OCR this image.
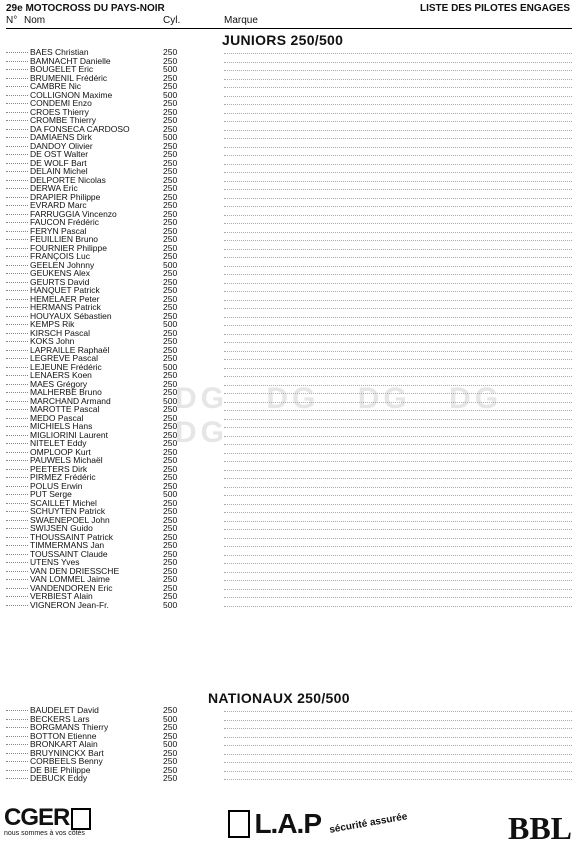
29e MOTOCROSS DU PAYS-NOIR	LISTE DES PILOTES ENGAGES
N° Nom	Cyl.	Marque
DG DG DG DG DG
JUNIORS 250/500
BAES Christian	250
BAMNACHT Danielle	250
BOUGELET Eric	500
BRUMENIL Frédéric	250
CAMBRE Nic	250
COLLIGNON Maxime	500
CONDEMI Enzo	250
CROES Thierry	250
CROMBE Thierry	250
DA FONSECA CARDOSO	250
DAMIAENS Dirk	500
DANDOY Olivier	250
DE OST Walter	250
DE WOLF Bart	250
DELAIN Michel	250
DELPORTE Nicolas	250
DERWA Eric	250
DRAPIER Philippe	250
EVRARD Marc	250
FARRUGGIA Vincenzo	250
FAUCON Frédéric	250
FERYN Pascal	250
FEUILLIEN Bruno	250
FOURNIER Philippe	250
FRANÇOIS Luc	250
GEELEN Johnny	500
GEUKENS Alex	250
GEURTS David	250
HANQUET Patrick	250
HEMELAER Peter	250
HERMANS Patrick	250
HOUYAUX Sébastien	250
KEMPS Rik	500
KIRSCH Pascal	250
KOKS John	250
LAPRAILLE Raphaël	250
LEGREVE Pascal	250
LEJEUNE Frédéric	500
LENAERS Koen	250
MAES Grégory	250
MALHERBE Bruno	250
MARCHAND Armand	500
MAROTTE Pascal	250
MEDO Pascal	250
MICHIELS Hans	250
MIGLIORINI Laurent	250
NITELET Eddy	250
OMPLOOP Kurt	250
PAUWELS Michaël	250
PEETERS Dirk	250
PIRMEZ Frédéric	250
POLUS Erwin	250
PUT Serge	500
SCAILLET Michel	250
SCHUYTEN Patrick	250
SWAENEPOEL John	250
SWIJSEN Guido	250
THOUSSAINT Patrick	250
TIMMERMANS Jan	250
TOUSSAINT Claude	250
UTENS Yves	250
VAN DEN DRIESSCHE	250
VAN LOMMEL Jaime	250
VANDENDOREN Eric	250
VERBIEST Alain	250
VIGNERON Jean-Fr.	500
NATIONAUX 250/500
BAUDELET David	250
BECKERS Lars	500
BORGMANS Thierry	250
BOTTON Etienne	250
BRONKART Alain	500
BRUYNINCKX Bart	250
CORBEELS Benny	250
DE BIE Philippe	250
DEBUCK Eddy	250
CGER
nous sommes à vos côtés	L.A.P sécurité assurée	BBL
